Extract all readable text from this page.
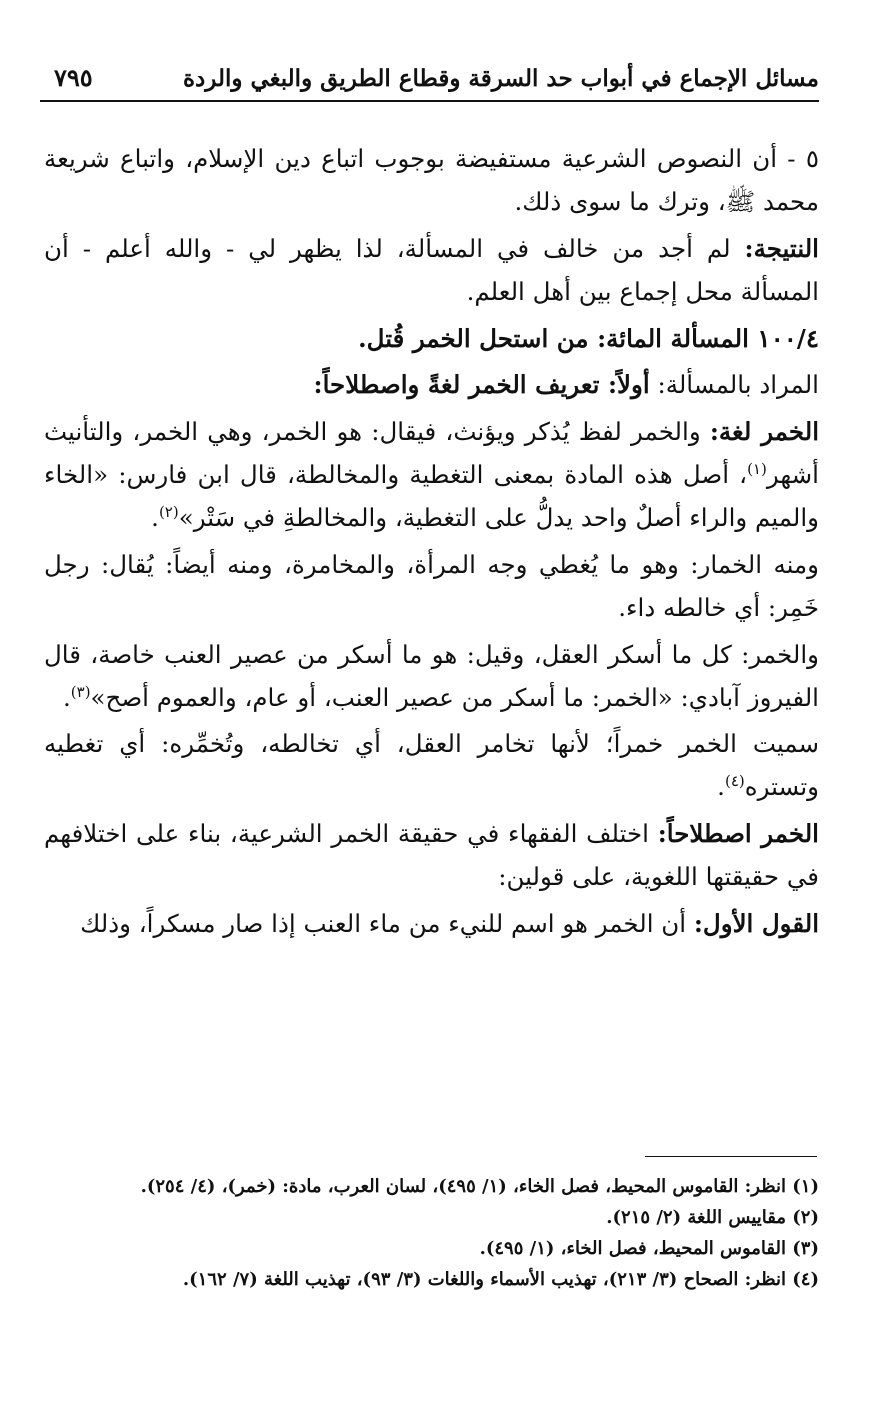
مسائل الإجماع في أبواب حد السرقة وقطاع الطريق والبغي والردة
٧٩٥

٥ - أن النصوص الشرعية مستفيضة بوجوب اتباع دين الإسلام، واتباع شريعة محمد ﷺ، وترك ما سوى ذلك.

النتيجة: لم أجد من خالف في المسألة، لذا يظهر لي - والله أعلم - أن المسألة محل إجماع بين أهل العلم.

١٠٠/٤ المسألة المائة: من استحل الخمر قُتل.

المراد بالمسألة: أولاً: تعريف الخمر لغةً واصطلاحاً:

الخمر لغة: والخمر لفظ يُذكر ويؤنث، فيقال: هو الخمر، وهي الخمر، والتأنيث أشهر$^{(١)}$، أصل هذه المادة بمعنى التغطية والمخالطة، قال ابن فارس: «الخاء والميم والراء أصلٌ واحد يدلُّ على التغطية، والمخالطةِ في سَتْر»$^{(٢)}$.

ومنه الخمار: وهو ما يُغطي وجه المرأة، والمخامرة، ومنه أيضاً: يُقال: رجل خَمِر: أي خالطه داء.

والخمر: كل ما أسكر العقل، وقيل: هو ما أسكر من عصير العنب خاصة، قال الفيروز آبادي: «الخمر: ما أسكر من عصير العنب، أو عام، والعموم أصح»$^{(٣)}$.

سميت الخمر خمراً؛ لأنها تخامر العقل، أي تخالطه، وتُخمِّره: أي تغطيه وتستره$^{(٤)}$.

الخمر اصطلاحاً: اختلف الفقهاء في حقيقة الخمر الشرعية، بناء على اختلافهم في حقيقتها اللغوية، على قولين:

القول الأول: أن الخمر هو اسم للنيء من ماء العنب إذا صار مسكراً، وذلك

(١) انظر: القاموس المحيط، فصل الخاء، (١/ ٤٩٥)، لسان العرب، مادة: (خمر)، (٤/ ٢٥٤).

(٢) مقاييس اللغة (٢/ ٢١٥).

(٣) القاموس المحيط، فصل الخاء، (١/ ٤٩٥).

(٤) انظر: الصحاح (٣/ ٢١٣)، تهذيب الأسماء واللغات (٣/ ٩٣)، تهذيب اللغة (٧/ ١٦٢).
